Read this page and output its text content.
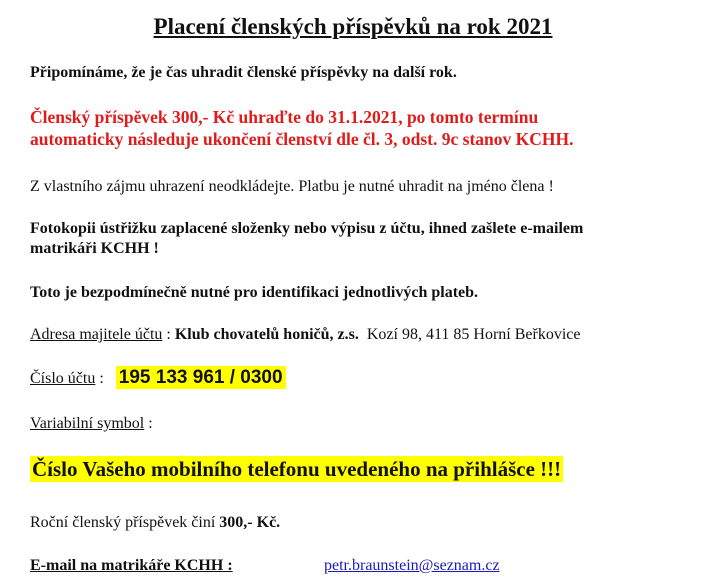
Placení členských příspěvků na rok 2021
Připomínáme, že je čas uhradit členské příspěvky na další rok.
Členský příspěvek 300,- Kč uhraďte do 31.1.2021, po tomto termínu
automaticky následuje ukončení členství dle čl. 3, odst. 9c stanov KCHH.
Z vlastního zájmu uhrazení neodkládejte. Platbu je nutné uhradit na jméno člena !
Fotokopii ústřižku zaplacené složenky nebo výpisu z účtu, ihned zašlete e-mailem
matrikáři KCHH !
Toto je bezpodmínečně nutné pro identifikaci jednotlivých plateb.
Adresa majitele účtu : Klub chovatelů honičů, z.s. Kozí 98, 411 85 Horní Beřkovice
Číslo účtu :   195 133 961 / 0300
Variabilní symbol :
Číslo Vašeho mobilního telefonu uvedeného na přihlášce !!!
Roční členský příspěvek činí 300,- Kč.
E-mail na matrikáře KCHH :	petr.braunstein@seznam.cz
